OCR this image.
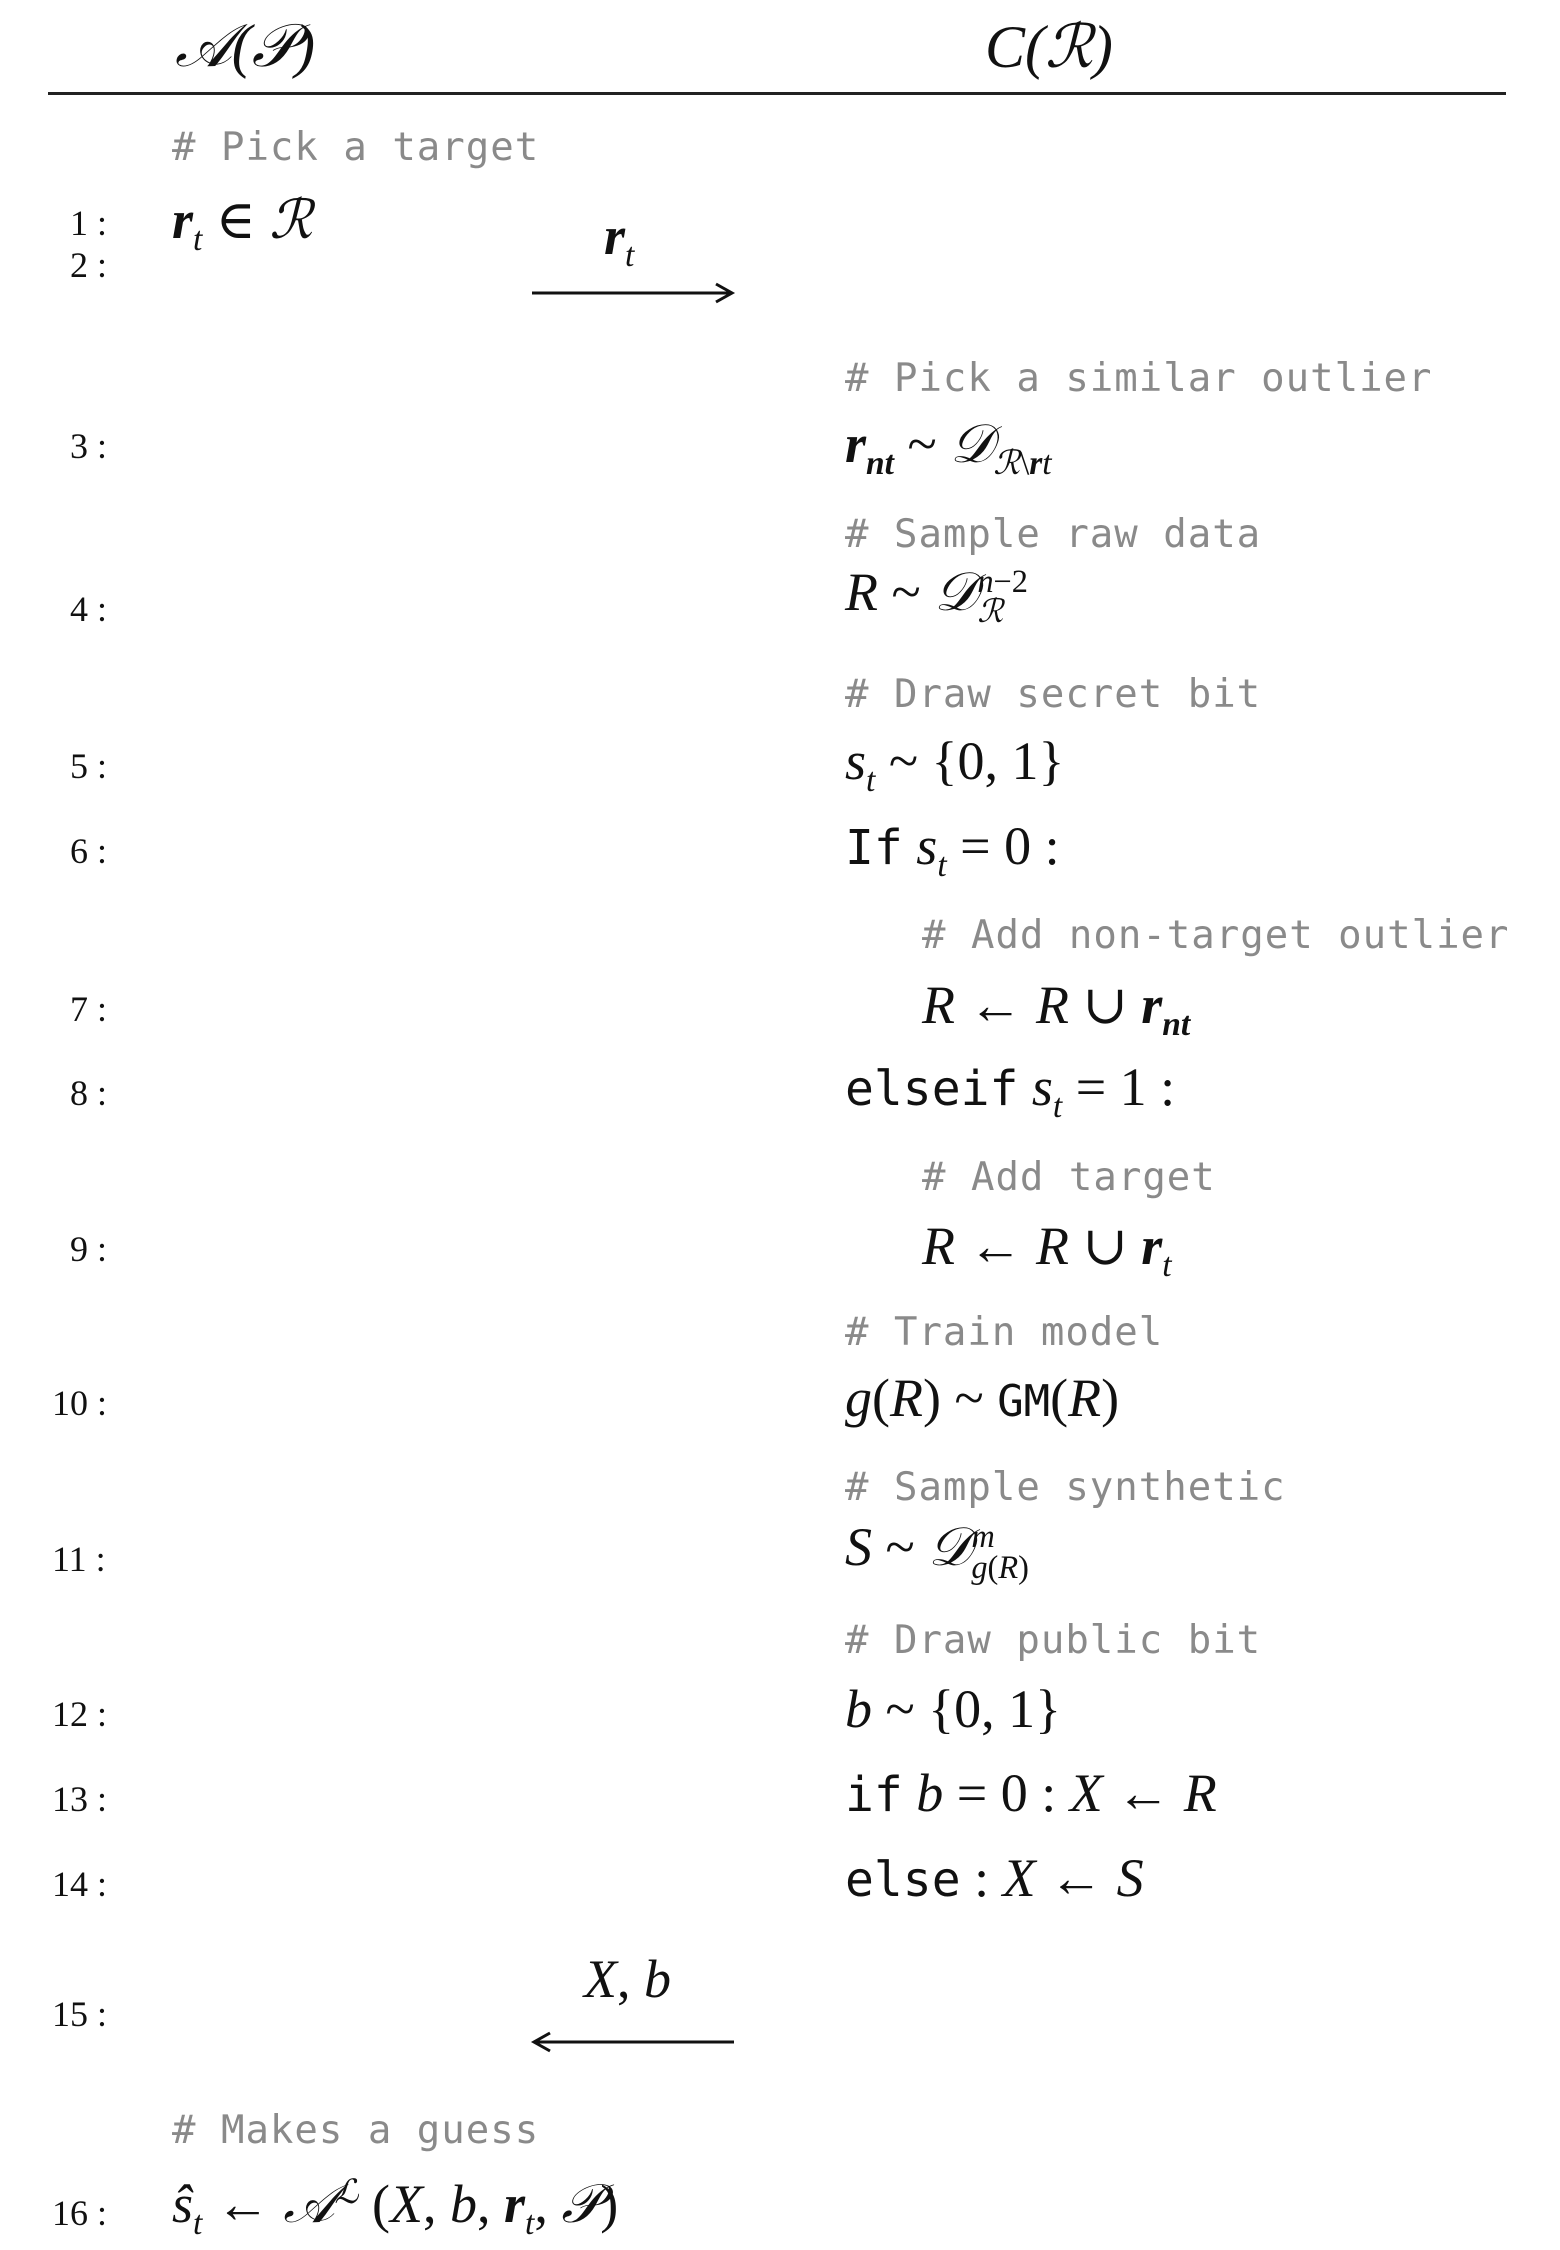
𝒜(𝒫)	C(ℛ)
1 :
2 :
3 :
4 :
5 :
6 :
7 :
8 :
9 :
10 :
11 :
12 :
13 :
14 :
15 :
16 :
# Pick a target
$r_t$ ∈ ℛ	$r_t$
# Pick a similar outlier
$r_{nt}$ ~ 𝒟$_{ℛ\backslash rt}$
# Sample raw data
R ~ 𝒟n−2
ℛ
# Draw secret bit
$s_t$ ~ {0, 1}
If $s_t = 0$ :
# Add non-target outlier
R ← R ∪ $r_{nt}$
elseif $s_t = 1$ :
# Add target
R ← R ∪ $r_t$
# Train model
g(R) ~ GM(R)
# Sample synthetic
S ~ 𝒟m
g(R)
# Draw public bit
b ~ {0, 1}
if b = 0 : X ← R
else : X ← S
X, b
# Makes a guess
$ŝ_t$ ← 𝒜$^ℒ$ (X, b, $r_t$, 𝒫)
